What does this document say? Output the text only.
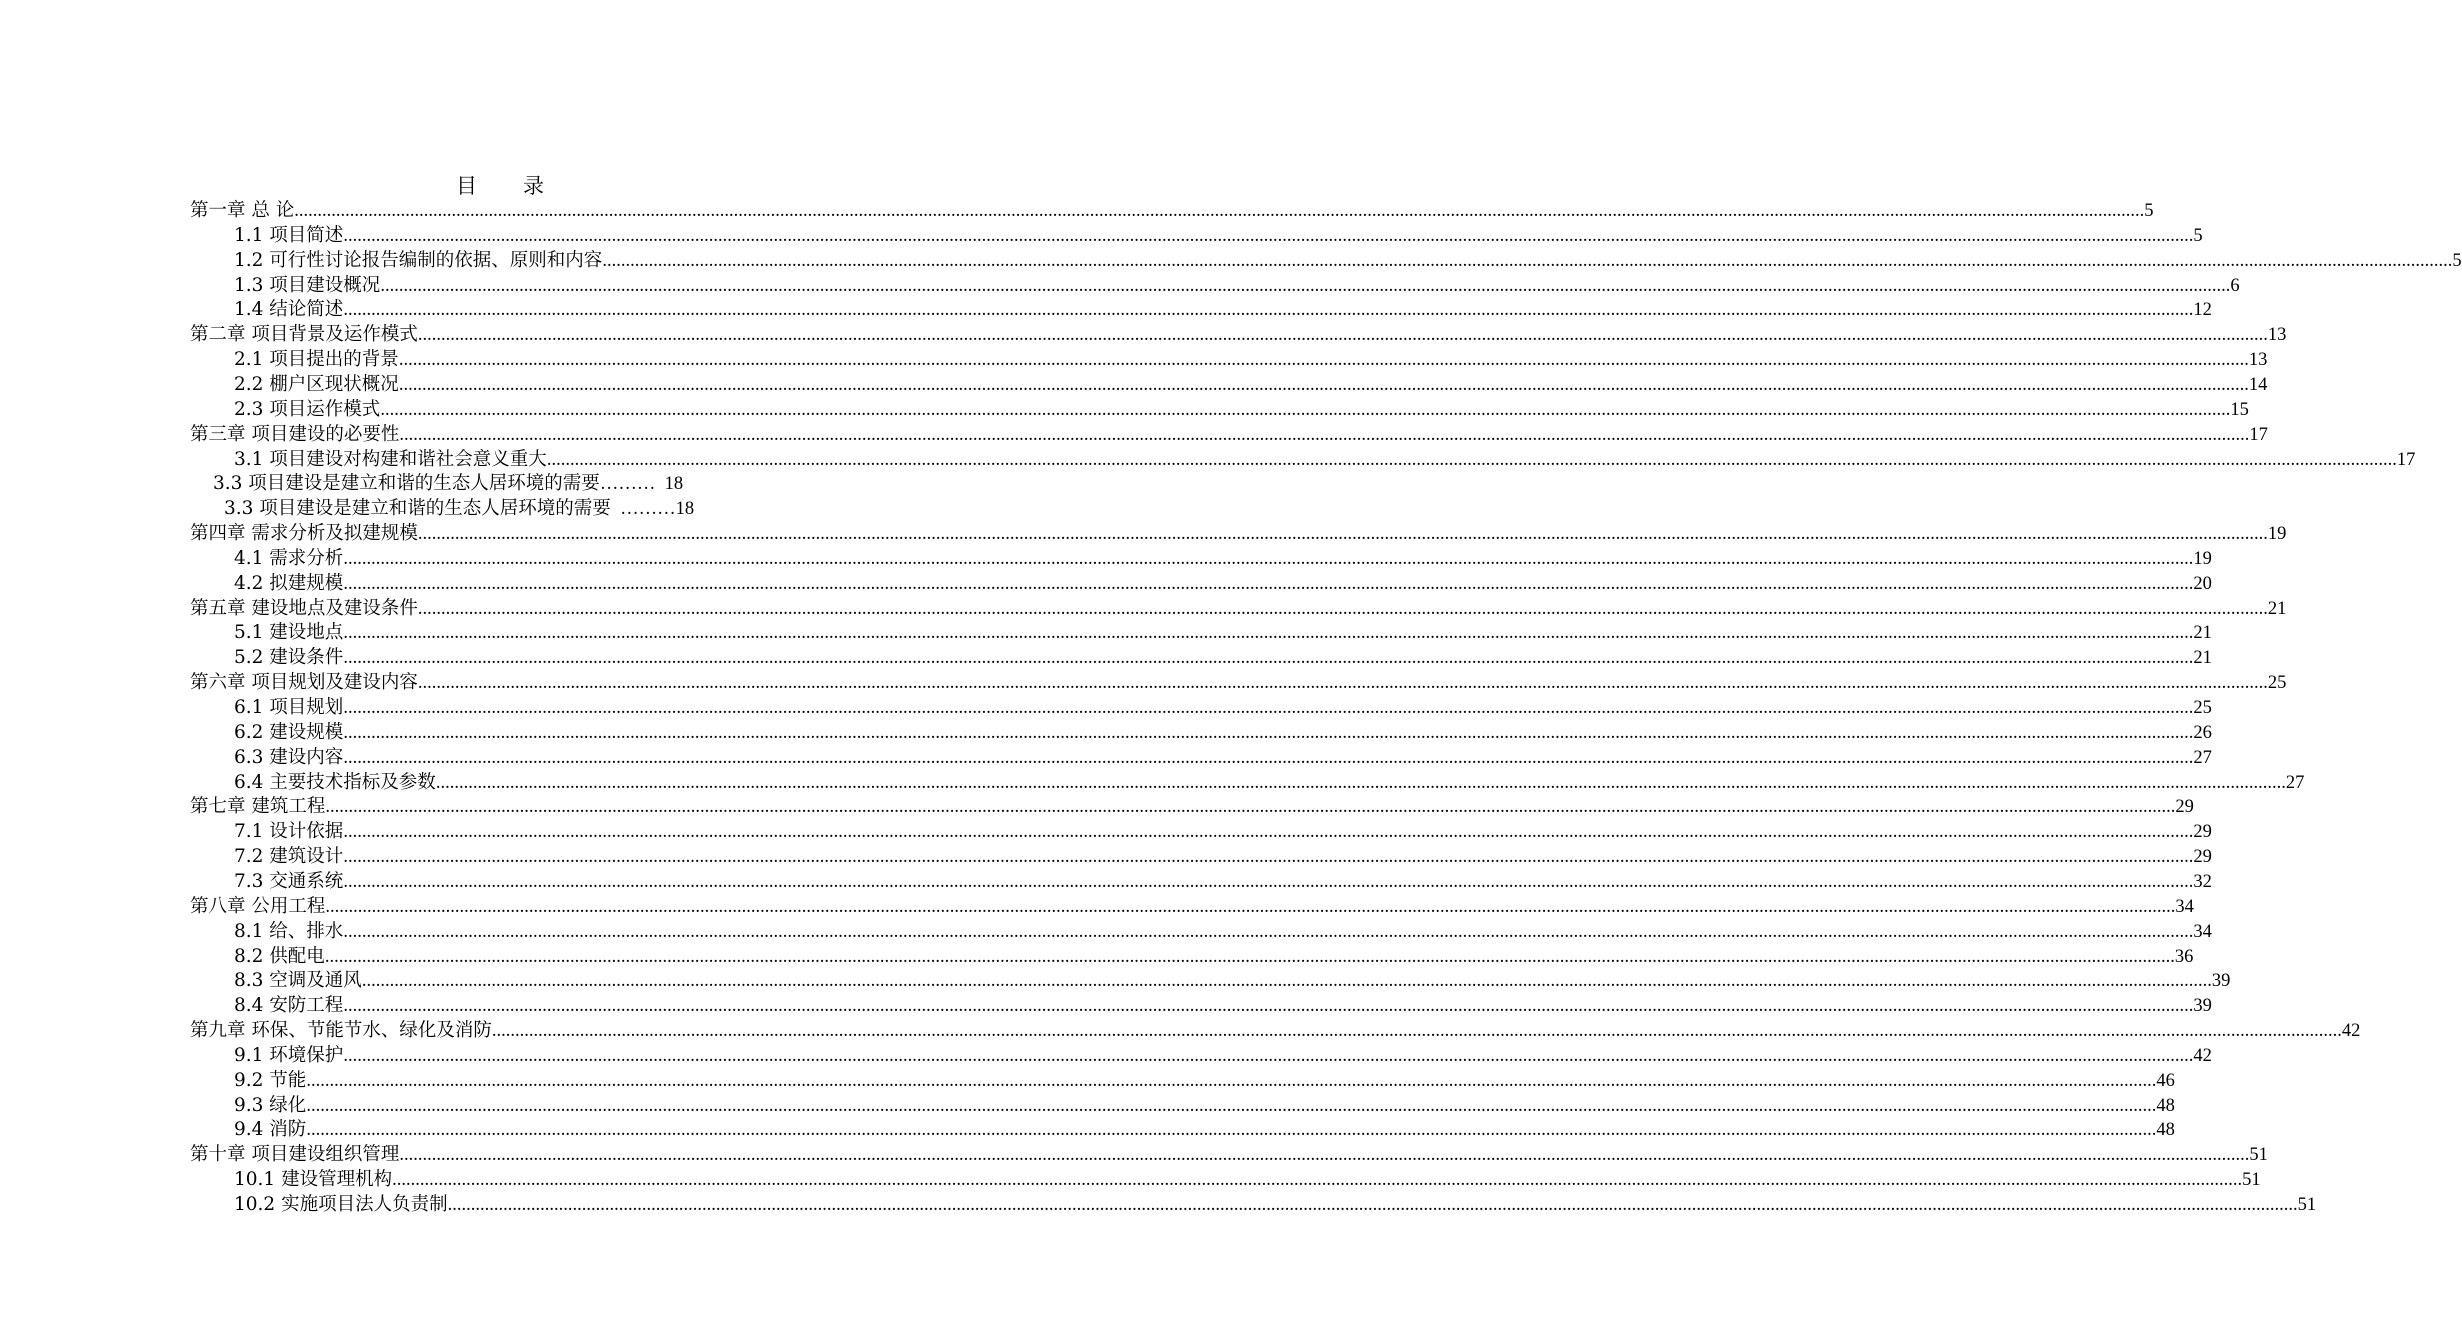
目 录
第一章 总 论 ................................................................................................................................................................................................................................................................................................................................................................................................................ 5
1.1 项目简述 ................................................................................................................................................................................................................................................................................................................................................................................................................ 5
1.2 可行性讨论报告编制的依据、原则和内容 ................................................................................................................................................................................................................................................................................................................................................................................................................ 5
1.3 项目建设概况 ................................................................................................................................................................................................................................................................................................................................................................................................................ 6
1.4 结论简述 ................................................................................................................................................................................................................................................................................................................................................................................................................ 12
第二章 项目背景及运作模式 ................................................................................................................................................................................................................................................................................................................................................................................................................ 13
2.1 项目提出的背景 ................................................................................................................................................................................................................................................................................................................................................................................................................ 13
2.2 棚户区现状概况 ................................................................................................................................................................................................................................................................................................................................................................................................................ 14
2.3 项目运作模式 ................................................................................................................................................................................................................................................................................................................................................................................................................ 15
第三章 项目建设的必要性 ................................................................................................................................................................................................................................................................................................................................................................................................................ 17
3.1 项目建设对构建和谐社会意义重大 ................................................................................................................................................................................................................................................................................................................................................................................................................ 17
3.3 项目建设是建立和谐的生态人居环境的需要 ………  18
3.3 项目建设是建立和谐的生态人居环境的需要 ………18
第四章 需求分析及拟建规模 ................................................................................................................................................................................................................................................................................................................................................................................................................ 19
4.1 需求分析 ................................................................................................................................................................................................................................................................................................................................................................................................................ 19
4.2 拟建规模 ................................................................................................................................................................................................................................................................................................................................................................................................................ 20
第五章 建设地点及建设条件 ................................................................................................................................................................................................................................................................................................................................................................................................................ 21
5.1 建设地点 ................................................................................................................................................................................................................................................................................................................................................................................................................ 21
5.2 建设条件 ................................................................................................................................................................................................................................................................................................................................................................................................................ 21
第六章 项目规划及建设内容 ................................................................................................................................................................................................................................................................................................................................................................................................................ 25
6.1 项目规划 ................................................................................................................................................................................................................................................................................................................................................................................................................ 25
6.2 建设规模 ................................................................................................................................................................................................................................................................................................................................................................................................................ 26
6.3 建设内容 ................................................................................................................................................................................................................................................................................................................................................................................................................ 27
6.4 主要技术指标及参数 ................................................................................................................................................................................................................................................................................................................................................................................................................ 27
第七章 建筑工程 ................................................................................................................................................................................................................................................................................................................................................................................................................ 29
7.1 设计依据 ................................................................................................................................................................................................................................................................................................................................................................................................................ 29
7.2 建筑设计 ................................................................................................................................................................................................................................................................................................................................................................................................................ 29
7.3 交通系统 ................................................................................................................................................................................................................................................................................................................................................................................................................ 32
第八章 公用工程 ................................................................................................................................................................................................................................................................................................................................................................................................................ 34
8.1 给、排水 ................................................................................................................................................................................................................................................................................................................................................................................................................ 34
8.2 供配电 ................................................................................................................................................................................................................................................................................................................................................................................................................ 36
8.3 空调及通风 ................................................................................................................................................................................................................................................................................................................................................................................................................ 39
8.4 安防工程 ................................................................................................................................................................................................................................................................................................................................................................................................................ 39
第九章 环保、节能节水、绿化及消防 ................................................................................................................................................................................................................................................................................................................................................................................................................ 42
9.1 环境保护 ................................................................................................................................................................................................................................................................................................................................................................................................................ 42
9.2 节能 ................................................................................................................................................................................................................................................................................................................................................................................................................ 46
9.3 绿化 ................................................................................................................................................................................................................................................................................................................................................................................................................ 48
9.4 消防 ................................................................................................................................................................................................................................................................................................................................................................................................................ 48
第十章 项目建设组织管理 ................................................................................................................................................................................................................................................................................................................................................................................................................ 51
10.1 建设管理机构 ................................................................................................................................................................................................................................................................................................................................................................................................................ 51
10.2 实施项目法人负责制 ................................................................................................................................................................................................................................................................................................................................................................................................................ 51
